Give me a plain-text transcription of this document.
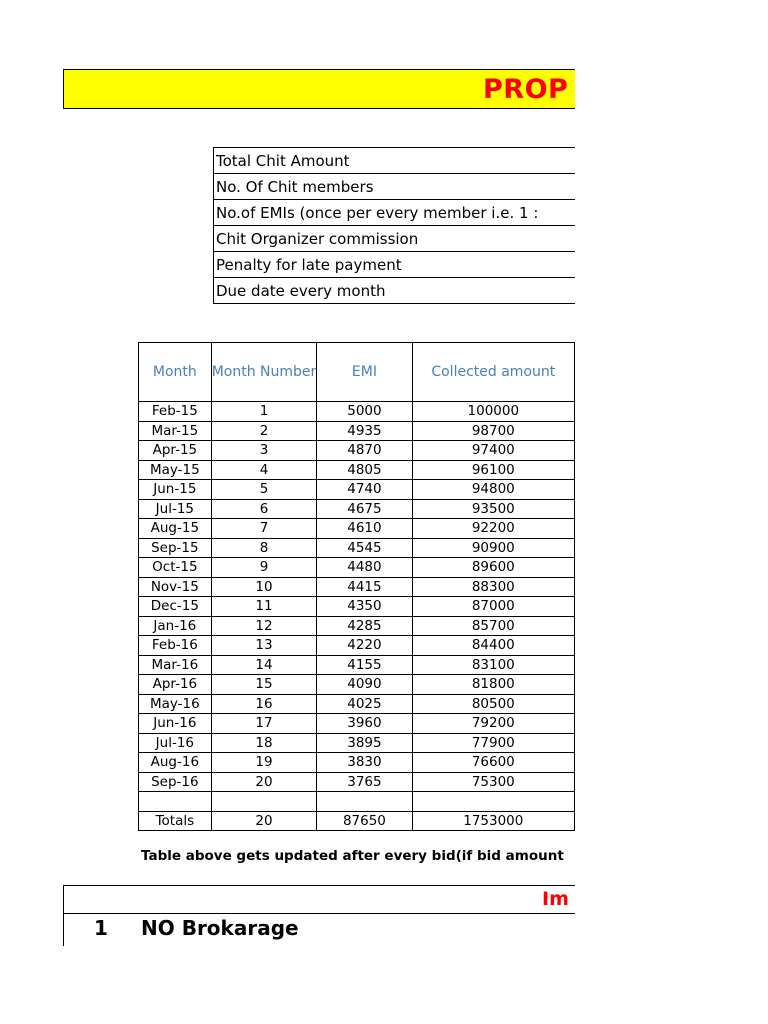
PROP
Total Chit Amount
No. Of Chit members
No.of EMIs (once per every member i.e. 1 :
Chit Organizer commission
Penalty for late payment
Due date every month
Month	Month Number	EMI	Collected amount
Feb-15	1	5000	100000
Mar-15	2	4935	98700
Apr-15	3	4870	97400
May-15	4	4805	96100
Jun-15	5	4740	94800
Jul-15	6	4675	93500
Aug-15	7	4610	92200
Sep-15	8	4545	90900
Oct-15	9	4480	89600
Nov-15	10	4415	88300
Dec-15	11	4350	87000
Jan-16	12	4285	85700
Feb-16	13	4220	84400
Mar-16	14	4155	83100
Apr-16	15	4090	81800
May-16	16	4025	80500
Jun-16	17	3960	79200
Jul-16	18	3895	77900
Aug-16	19	3830	76600
Sep-16	20	3765	75300

Totals	20	87650	1753000
Table above gets updated after every bid(if bid amount
Im
1 NO Brokarage
